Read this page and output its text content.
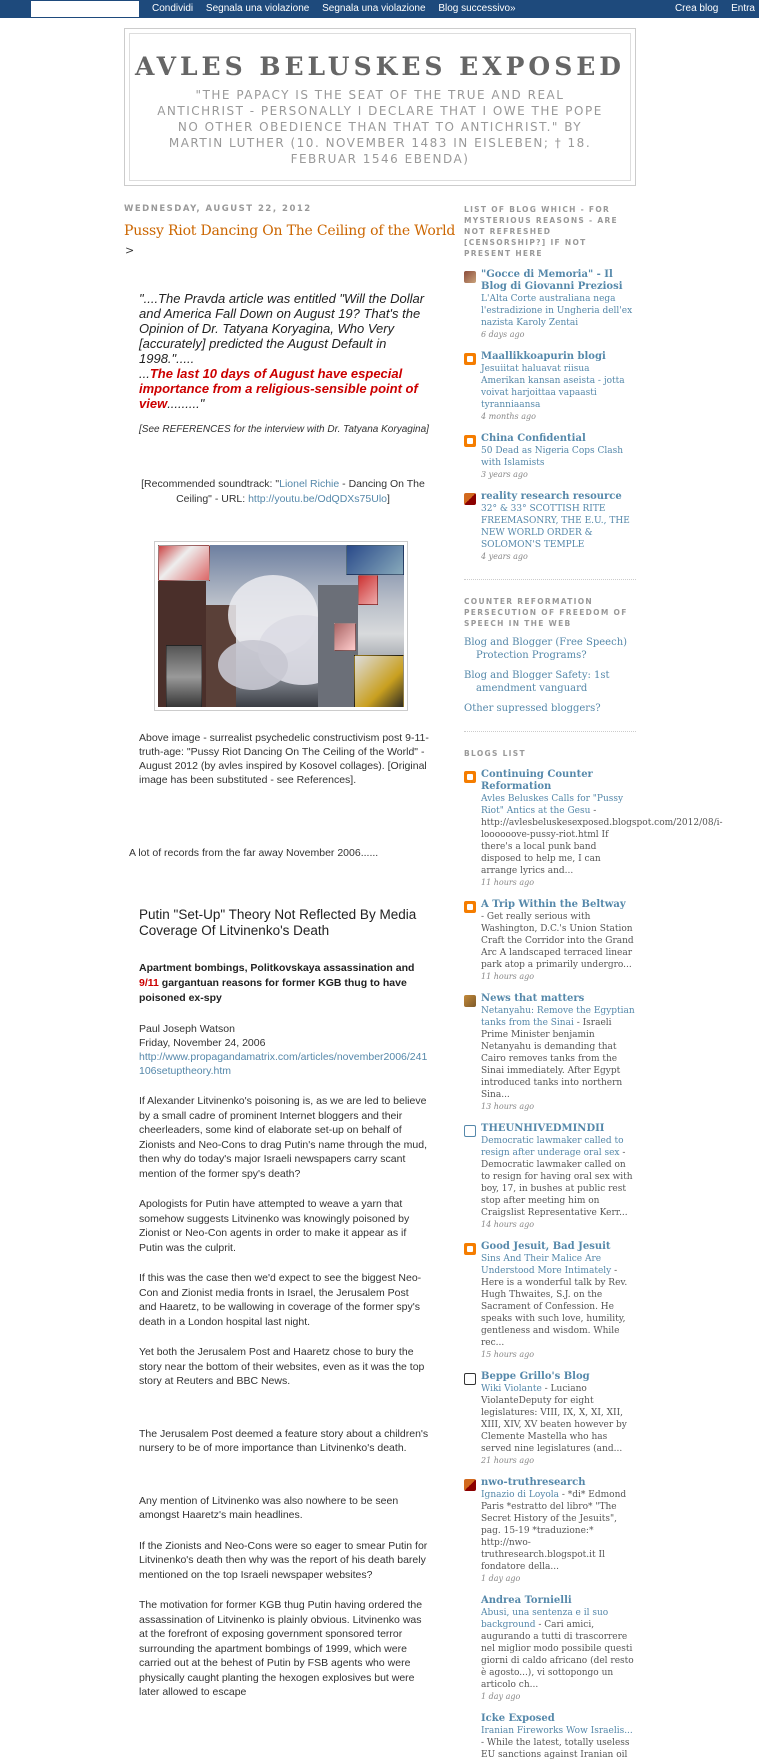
Condividi Segnala una violazione Segnala una violazione Blog successivo»	Crea blog Entra
AVLES BELUSKES EXPOSED

"THE PAPACY IS THE SEAT OF THE TRUE AND REAL ANTICHRIST - PERSONALLY I DECLARE THAT I OWE THE POPE NO OTHER OBEDIENCE THAN THAT TO ANTICHRIST." BY MARTIN LUTHER (10. NOVEMBER 1483 IN EISLEBEN; † 18. FEBRUAR 1546 EBENDA)

WEDNESDAY, AUGUST 22, 2012
Pussy Riot Dancing On The Ceiling of the World
>
"....The Pravda article was entitled "Will the Dollar and America Fall Down on August 19? That's the Opinion of Dr. Tatyana Koryagina, Who Very [accurately] predicted the August Default in 1998.".....
...The last 10 days of August have especial importance from a religious-sensible point of view........."
[See REFERENCES for the interview with Dr. Tatyana Koryagina]
[Recommended soundtrack: "Lionel Richie - Dancing On The Ceiling" - URL: http://youtu.be/OdQDXs75Ulo]
Above image - surrealist psychedelic constructivism post 9-11-truth-age: "Pussy Riot Dancing On The Ceiling of the World" - August 2012 (by avles inspired by Kosovel collages). [Original image has been substituted - see References].
A lot of records from the far away November 2006......
Putin "Set-Up" Theory Not Reflected By Media Coverage Of Litvinenko's Death
Apartment bombings, Politkovskaya assassination and 9/11 gargantuan reasons for former KGB thug to have poisoned ex-spy
Paul Joseph Watson
Friday, November 24, 2006
http://www.propagandamatrix.com/articles/november2006/241106setuptheory.htm
If Alexander Litvinenko's poisoning is, as we are led to believe by a small cadre of prominent Internet bloggers and their cheerleaders, some kind of elaborate set-up on behalf of Zionists and Neo-Cons to drag Putin's name through the mud, then why do today's major Israeli newspapers carry scant mention of the former spy's death?
Apologists for Putin have attempted to weave a yarn that somehow suggests Litvinenko was knowingly poisoned by Zionist or Neo-Con agents in order to make it appear as if Putin was the culprit.
If this was the case then we'd expect to see the biggest Neo-Con and Zionist media fronts in Israel, the Jerusalem Post and Haaretz, to be wallowing in coverage of the former spy's death in a London hospital last night.
Yet both the Jerusalem Post and Haaretz chose to bury the story near the bottom of their websites, even as it was the top story at Reuters and BBC News.
The Jerusalem Post deemed a feature story about a children's nursery to be of more importance than Litvinenko's death.
Any mention of Litvinenko was also nowhere to be seen amongst Haaretz's main headlines.
If the Zionists and Neo-Cons were so eager to smear Putin for Litvinenko's death then why was the report of his death barely mentioned on the top Israeli newspaper websites?
The motivation for former KGB thug Putin having ordered the assassination of Litvinenko is plainly obvious. Litvinenko was at the forefront of exposing government sponsored terror surrounding the apartment bombings of 1999, which were carried out at the behest of Putin by FSB agents who were physically caught planting the hexogen explosives but were later allowed to escape
LIST OF BLOG WHICH - FOR MYSTERIOUS REASONS - ARE NOT REFRESHED [CENSORSHIP?] IF NOT PRESENT HERE
"Gocce di Memoria" - Il Blog di Giovanni Preziosi
L'Alta Corte australiana nega l'estradizione in Ungheria dell'ex nazista Karoly Zentai
6 days ago
Maallikkoapurin blogi
Jesuiitat haluavat riisua Amerikan kansan aseista - jotta voivat harjoittaa vapaasti tyranniaansa
4 months ago
China Confidential
50 Dead as Nigeria Cops Clash with Islamists
3 years ago
reality research resource
32° & 33° SCOTTISH RITE FREEMASONRY, THE E.U., THE NEW WORLD ORDER & SOLOMON'S TEMPLE
4 years ago
COUNTER REFORMATION PERSECUTION OF FREEDOM OF SPEECH IN THE WEB
Blog and Blogger (Free Speech) Protection Programs?
Blog and Blogger Safety: 1st amendment vanguard
Other supressed bloggers?
BLOGS LIST
Continuing Counter Reformation
Avles Beluskes Calls for "Pussy Riot" Antics at the Gesu - http://avlesbeluskesexposed.blogspot.com/2012/08/i-loooooove-pussy-riot.html If there's a local punk band disposed to help me, I can arrange lyrics and...
11 hours ago
A Trip Within the Beltway
- Get really serious with Washington, D.C.'s Union Station Craft the Corridor into the Grand Arc A landscaped terraced linear park atop a primarily undergro...
11 hours ago
News that matters
Netanyahu: Remove the Egyptian tanks from the Sinai - Israeli Prime Minister benjamin Netanyahu is demanding that Cairo removes tanks from the Sinai immediately. After Egypt introduced tanks into northern Sina...
13 hours ago
THEUNHIVEDMINDII
Democratic lawmaker called to resign after underage oral sex - Democratic lawmaker called on to resign for having oral sex with boy, 17, in bushes at public rest stop after meeting him on Craigslist Representative Kerr...
14 hours ago
Good Jesuit, Bad Jesuit
Sins And Their Malice Are Understood More Intimately - Here is a wonderful talk by Rev. Hugh Thwaites, S.J. on the Sacrament of Confession. He speaks with such love, humility, gentleness and wisdom. While rec...
15 hours ago
Beppe Grillo's Blog
Wiki Violante - Luciano ViolanteDeputy for eight legislatures: VIII, IX, X, XI, XII, XIII, XIV, XV beaten however by Clemente Mastella who has served nine legislatures (and...
21 hours ago
nwo-truthresearch
Ignazio di Loyola - *di* Edmond Paris *estratto del libro* "The Secret History of the Jesuits", pag. 15-19 *traduzione:* http://nwo-truthresearch.blogspot.it Il fondatore della...
1 day ago
Andrea Tornielli
Abusi, una sentenza e il suo background - Cari amici, augurando a tutti di trascorrere nel miglior modo possibile questi giorni di caldo africano (del resto è agosto...), vi sottopongo un articolo ch...
1 day ago
Icke Exposed
Iranian Fireworks Wow Israelis... - While the latest, totally useless EU sanctions against Iranian oil
